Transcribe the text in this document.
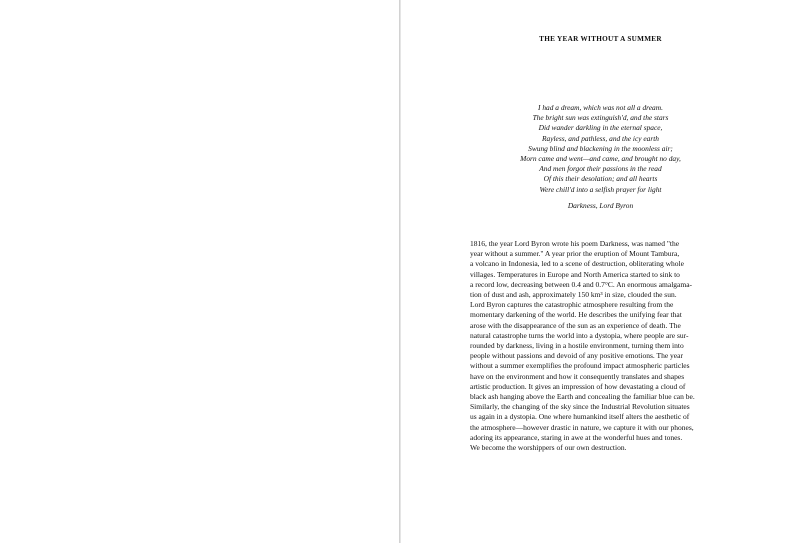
THE YEAR WITHOUT A SUMMER
I had a dream, which was not all a dream.
The bright sun was extinguish'd, and the stars
Did wander darkling in the eternal space,
Rayless, and pathless, and the icy earth
Swung blind and blackening in the moonless air;
Morn came and went—and came, and brought no day,
And men forgot their passions in the read
Of this their desolation; and all hearts
Were chill'd into a selfish prayer for light

Darkness, Lord Byron

1816, the year Lord Byron wrote his poem Darkness, was named "the
year without a summer." A year prior the eruption of Mount Tambura,
a volcano in Indonesia, led to a scene of destruction, obliterating whole
villages. Temperatures in Europe and North America started to sink to
a record low, decreasing between 0.4 and 0.7°C. An enormous amalgama-
tion of dust and ash, approximately 150 km³ in size, clouded the sun.
Lord Byron captures the catastrophic atmosphere resulting from the
momentary darkening of the world. He describes the unifying fear that
arose with the disappearance of the sun as an experience of death. The
natural catastrophe turns the world into a dystopia, where people are sur-
rounded by darkness, living in a hostile environment, turning them into
people without passions and devoid of any positive emotions. The year
without a summer exemplifies the profound impact atmospheric particles
have on the environment and how it consequently translates and shapes
artistic production. It gives an impression of how devastating a cloud of
black ash hanging above the Earth and concealing the familiar blue can be.
Similarly, the changing of the sky since the Industrial Revolution situates
us again in a dystopia. One where humankind itself alters the aesthetic of
the atmosphere—however drastic in nature, we capture it with our phones,
adoring its appearance, staring in awe at the wonderful hues and tones.
We become the worshippers of our own destruction.
